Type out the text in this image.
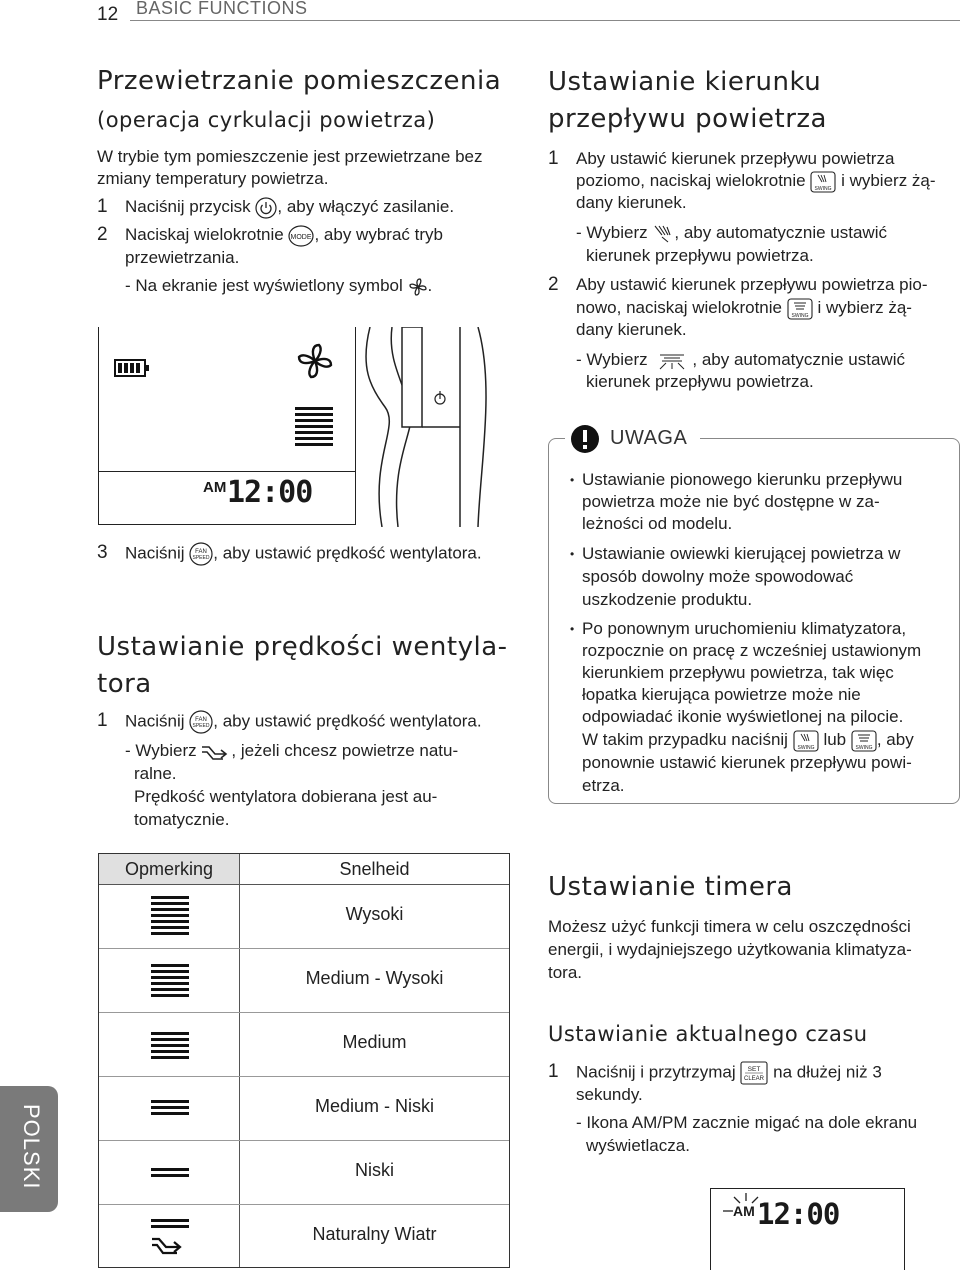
12 BASIC FUNCTIONS
Przewietrzanie pomieszczenia
(operacja cyrkulacji powietrza)
W trybie tym pomieszczenie jest przewietrzane bez
zmiany temperatury powietrza.
1 Naciśnij przycisk , aby włączyć zasilanie.
2 Naciskaj wielokrotnie MODE , aby wybrać tryb
przewietrzania.
- Na ekranie jest wyświetlony symbol .
AM 12:00
3 Naciśnij FAN
SPEED , aby ustawić prędkość wentylatora.
Ustawianie prędkości wentyla-
tora
1 Naciśnij FAN
SPEED , aby ustawić prędkość wentylatora.
- Wybierz , jeżeli chcesz powietrze natu-
ralne.
Prędkość wentylatora dobierana jest au-
tomatycznie.
Opmerking	Snelheid
Wysoki
Medium - Wysoki
Medium
Medium - Niski
Niski
Naturalny Wiatr
Ustawianie kierunku
przepływu powietrza
1 Aby ustawić kierunek przepływu powietrza
poziomo, naciskaj wielokrotnie SWING i wybierz żą-
dany kierunek.
- Wybierz , aby automatycznie ustawić
kierunek przepływu powietrza.
2 Aby ustawić kierunek przepływu powietrza pio-
nowo, naciskaj wielokrotnie SWING i wybierz żą-
dany kierunek.
- Wybierz	, aby automatycznie ustawić
kierunek przepływu powietrza.
UWAGA
• Ustawianie pionowego kierunku przepływu
powietrza może nie być dostępne w za-
leżności od modelu.
• Ustawianie owiewki kierującej powietrza w
sposób dowolny może spowodować
uszkodzenie produktu.
• Po ponownym uruchomieniu klimatyzatora,
rozpocznie on pracę z wcześniej ustawionym
kierunkiem przepływu powietrza, tak więc
łopatka kierująca powietrze może nie
odpowiadać ikonie wyświetlonej na pilocie.
W takim przypadku naciśnij SWING lub SWING , aby
ponownie ustawić kierunek przepływu powi-
etrza.
Ustawianie timera
Możesz użyć funkcji timera w celu oszczędności
energii, i wydajniejszego użytkowania klimatyza-
tora.
Ustawianie aktualnego czasu
1 Naciśnij i przytrzymaj SET
CLEAR na dłużej niż 3
sekundy.
- Ikona AM/PM zacznie migać na dole ekranu
wyświetlacza.
AM 12:00
POLSKI
